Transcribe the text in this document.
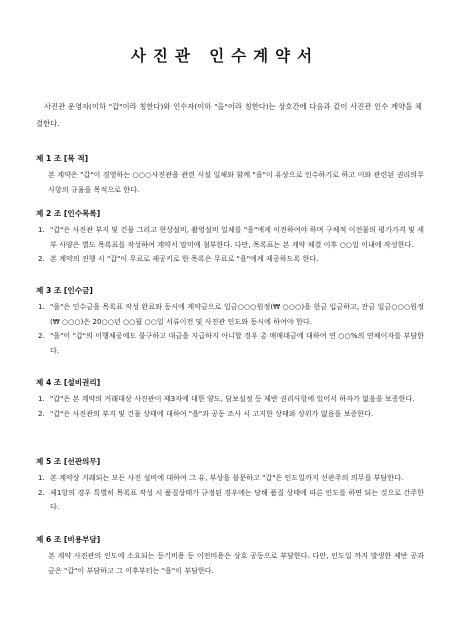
사진관 인수계약서
사진관 운영자(이하 "갑"이라 칭한다)와 인수자(이하 "을"이라 칭한다)는 상호간에 다음과 같이 사진관 인수 계약을 체결한다.
제 1 조 [목 적]
본 계약은 "갑"이 경영하는 ○○○사진관을 관련 시설 일체와 함께 "을"이 유상으로 인수하기로 하고 이와 관련된 권리의무 사항의 규율을 목적으로 한다.
제 2 조 [인수목록]
1. "갑"은 사진관 부지 및 건물 그리고 현상설비, 촬영설비 일체를 "을"에게 이전하여야 하며 구체적 이전물의 평가가격 및 세부 사양은 별도 목록표를 작성하여 계약서 말미에 첨부한다. 다만, 목록표는 본 계약 체결 이후 ○○일 이내에 작성한다.
2. 본 계약의 진행 시 "갑"이 무료로 제공키로 한 목록은 무료로 "을"에게 제공하도록 한다.
제 3 조 [인수금]
1. "을"은 인수금을 목록표 작성 완료와 동시에 계약금으로 일금○○○원정(₩ ○○○)을 현금 입금하고, 잔금 일금○○○원정(₩ ○○○)은 20○○년 ○○월 ○○일 서류이전 및 사진관 인도와 동시에 하여야 한다.
2. "을"이 "갑"의 이행제공에도 불구하고 대금을 지급하지 아니할 경우 총 매매대금에 대하여 연 ○○%의 연체이자를 부담한다.
제 4 조 [설비권리]
1. "갑"은 본 계약의 거래대상 사진관이 제3자에 대한 양도, 담보설정 등 제반 권리사항에 있어서 하자가 없음을 보증한다.
2. "갑"은 사진관의 부지 및 건물 상태에 대하여 "을"과 공동 조사 시 고지한 상태와 상위가 없음을 보증한다.
제 5 조 [선관의무]
1. 본 계약상 거래되는 모든 사진 설비에 대하여 그 유, 부상을 불문하고 "갑"은 인도일까지 선관주의 의무를 부담한다.
2. 제1항의 경우 특별히 목록표 작성 시 품질상태가 규정된 경우에는 당해 품질 상태에 따른 인도를 하면 되는 것으로 간주한다.
제 6 조 [비용부담]
본 계약 사진관의 인도에 소요되는 등기비용 등 이전비용은 상호 공동으로 부담한다. 다만, 인도일 까지 발생한 제반 공과금은 "갑"이 부담하고 그 이후부터는 "을"이 부담한다.
